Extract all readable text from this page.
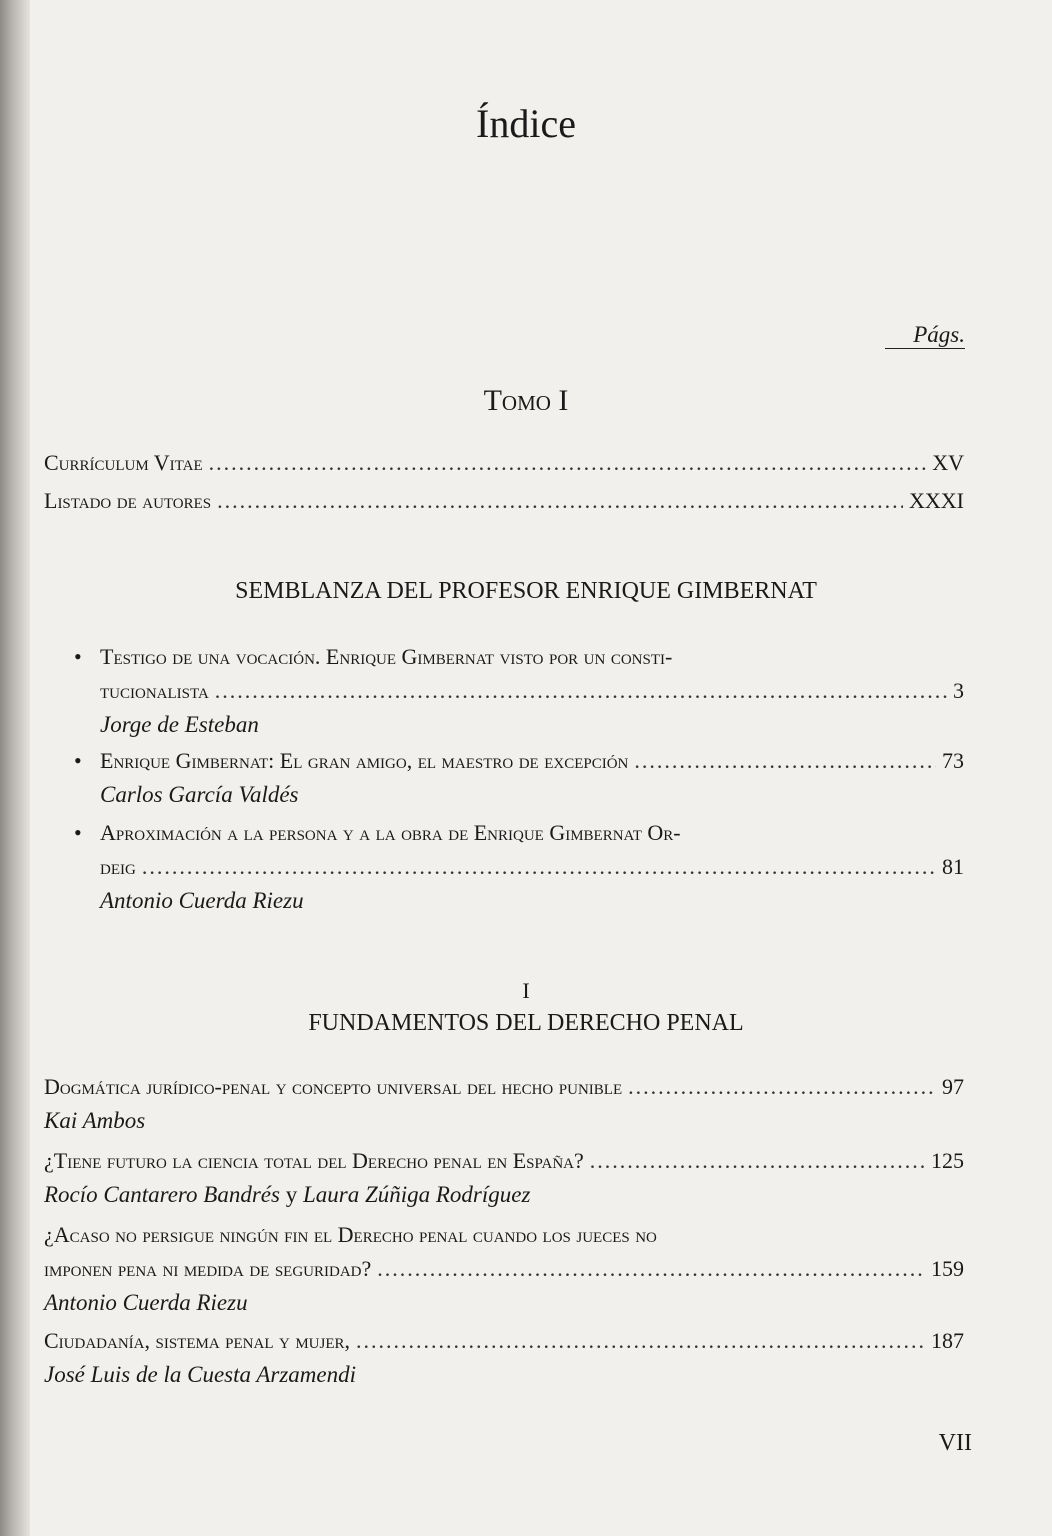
Índice
Págs.
Tomo I
Currículum Vitae .....	XV
Listado de autores .....	XXXI
SEMBLANZA DEL PROFESOR ENRIQUE GIMBERNAT
• Testigo de una vocación. Enrique Gimbernat visto por un consti-
tucionalista .....	3
Jorge de Esteban
• Enrique Gimbernat: El gran amigo, el maestro de excepción .....	73
Carlos García Valdés
• Aproximación a la persona y a la obra de Enrique Gimbernat Or-
deig .....	81
Antonio Cuerda Riezu
I
FUNDAMENTOS DEL DERECHO PENAL
Dogmática jurídico-penal y concepto universal del hecho punible .....	97
Kai Ambos
¿Tiene futuro la ciencia total del Derecho penal en España? .....	125
Rocío Cantarero Bandrés y Laura Zúñiga Rodríguez
¿Acaso no persigue ningún fin el Derecho penal cuando los jueces no
imponen pena ni medida de seguridad? .....	159
Antonio Cuerda Riezu
Ciudadanía, sistema penal y mujer, .....	187
José Luis de la Cuesta Arzamendi
VII
